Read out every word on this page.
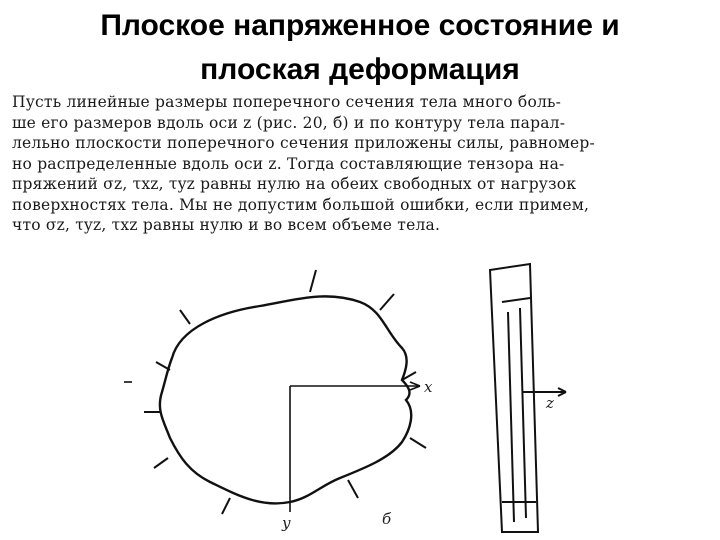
Плоское напряженное состояние и
плоская деформация
Пусть линейные размеры поперечного сечения тела много боль-
ше его размеров вдоль оси z (рис. 20, б) и по контуру тела парал-
лельно плоскости поперечного сечения приложены силы, равномер-
но распределенные вдоль оси z. Тогда составляющие тензора на-
пряжений σz, τxz, τyz равны нулю на обеих свободных от нагрузок
поверхностях тела. Мы не допустим большой ошибки, если примем,
что σz, τyz, τxz равны нулю и во всем объеме тела.
x
y	б
z
